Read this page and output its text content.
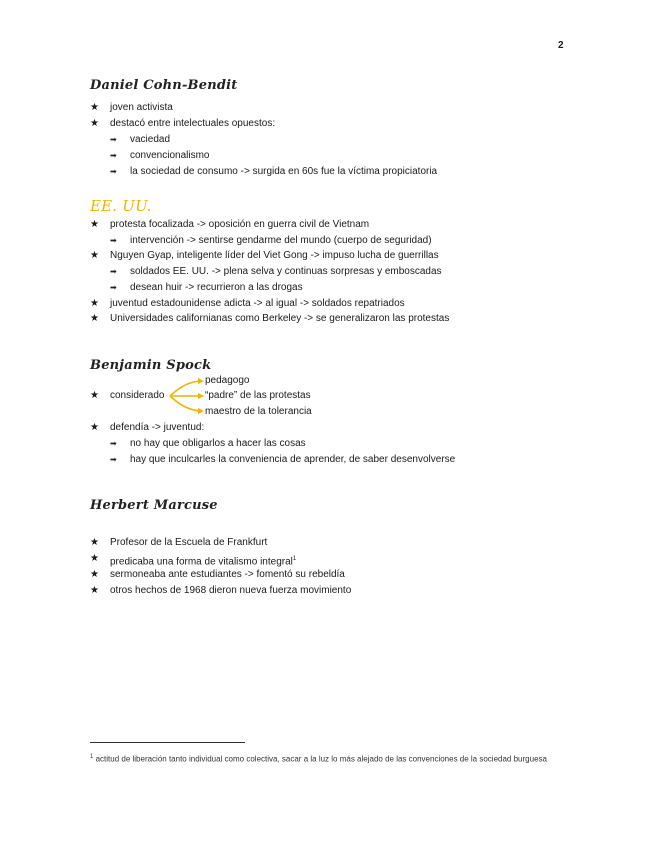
2
Daniel Cohn-Bendit
★ joven activista
★ destacó entre intelectuales opuestos:
➡ vaciedad
➡ convencionalismo
➡ la sociedad de consumo -> surgida en 60s fue la víctima propiciatoria
EE. UU.
★ protesta focalizada -> oposición en guerra civil de Vietnam
➡ intervención -> sentirse gendarme del mundo (cuerpo de seguridad)
★ Nguyen Gyap, inteligente líder del Viet Gong -> impuso lucha de guerrillas
➡ soldados EE. UU. -> plena selva y continuas sorpresas y emboscadas
➡ desean huir -> recurrieron a las drogas
★ juventud estadounidense adicta -> al igual -> soldados repatriados
★ Universidades californianas como Berkeley -> se generalizaron las protestas
Benjamin Spock
pedagogo
★ considerado	“padre” de las protestas
maestro de la tolerancia
★ defendía -> juventud:
➡ no hay que obligarlos a hacer las cosas
➡ hay que inculcarles la conveniencia de aprender, de saber desenvolverse
Herbert Marcuse
★ Profesor de la Escuela de Frankfurt
★ predicaba una forma de vitalismo integral$^1$
★ sermoneaba ante estudiantes -> fomentó su rebeldía
★ otros hechos de 1968 dieron nueva fuerza movimiento
$^1$ actitud de liberación tanto individual como colectiva, sacar a la luz lo más alejado de las convenciones de la sociedad burguesa
